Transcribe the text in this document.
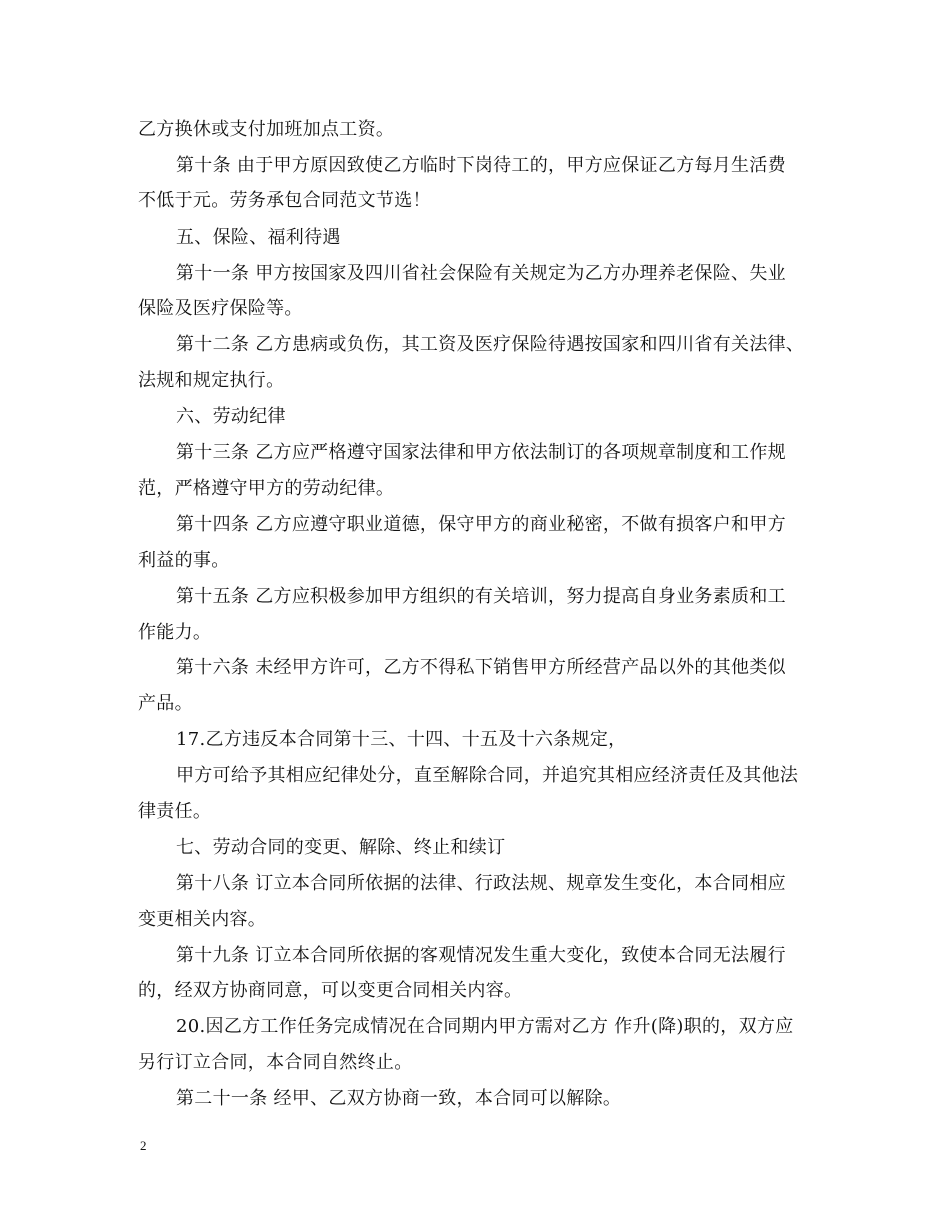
乙方换休或支付加班加点工资。
第十条 由于甲方原因致使乙方临时下岗待工的，甲方应保证乙方每月生活费
不低于元。劳务承包合同范文节选！
五、保险、福利待遇
第十一条 甲方按国家及四川省社会保险有关规定为乙方办理养老保险、失业
保险及医疗保险等。
第十二条 乙方患病或负伤，其工资及医疗保险待遇按国家和四川省有关法律、
法规和规定执行。
六、劳动纪律
第十三条 乙方应严格遵守国家法律和甲方依法制订的各项规章制度和工作规
范，严格遵守甲方的劳动纪律。
第十四条 乙方应遵守职业道德，保守甲方的商业秘密，不做有损客户和甲方
利益的事。
第十五条 乙方应积极参加甲方组织的有关培训，努力提高自身业务素质和工
作能力。
第十六条 未经甲方许可，乙方不得私下销售甲方所经营产品以外的其他类似
产品。
17.乙方违反本合同第十三、十四、十五及十六条规定，
甲方可给予其相应纪律处分，直至解除合同，并追究其相应经济责任及其他法
律责任。
七、劳动合同的变更、解除、终止和续订
第十八条 订立本合同所依据的法律、行政法规、规章发生变化，本合同相应
变更相关内容。
第十九条 订立本合同所依据的客观情况发生重大变化，致使本合同无法履行
的，经双方协商同意，可以变更合同相关内容。
20.因乙方工作任务完成情况在合同期内甲方需对乙方 作升(降)职的，双方应
另行订立合同，本合同自然终止。
第二十一条 经甲、乙双方协商一致，本合同可以解除。
2
